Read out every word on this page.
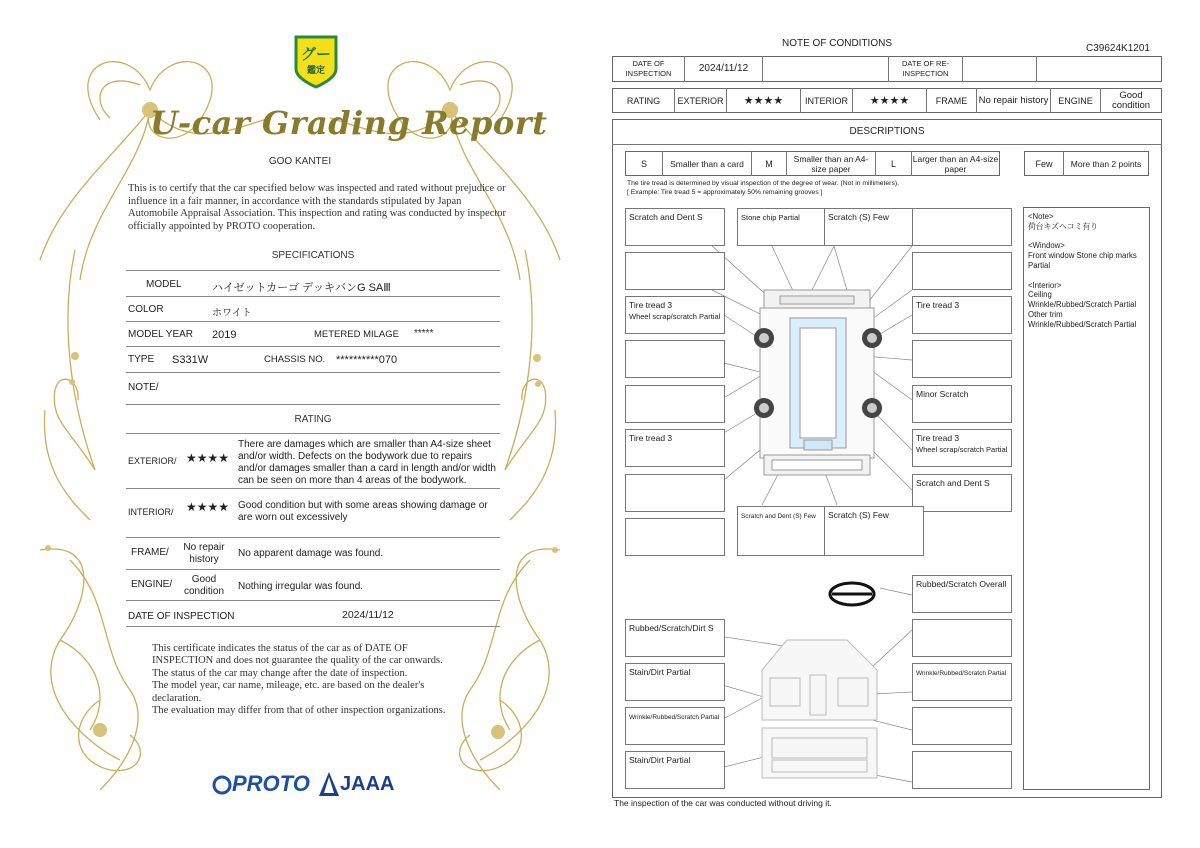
グー
鑑定
U-car Grading Report
GOO KANTEI
This is to certify that the car specified below was inspected and rated without prejudice or influence in a fair manner, in accordance with the standards stipulated by Japan Automobile Appraisal Association. This inspection and rating was conducted by inspector officially appointed by PROTO cooperation.
SPECIFICATIONS
MODEL	ハイゼットカーゴ デッキバンG SAⅢ
COLOR	ホワイト
MODEL YEAR 2019	METERED MILAGE *****
TYPE S331W	CHASSIS NO. **********070
NOTE/
RATING
EXTERIOR/ ★★★★
There are damages which are smaller than A4-size sheet and/or width. Defects on the bodywork due to repairs and/or damages smaller than a card in length and/or width can be seen on more than 4 areas of the bodywork.
INTERIOR/ ★★★★ Good condition but with some areas showing damage or are worn out excessively
FRAME/	No repair history
No apparent damage was found.
ENGINE/	Good condition	Nothing irregular was found.
DATE OF INSPECTION	2024/11/12
This certificate indicates the status of the car as of DATE OF
INSPECTION and does not guarantee the quality of the car onwards.
The status of the car may change after the date of inspection.
The model year, car name, mileage, etc. are based on the dealer's
declaration.
The evaluation may differ from that of other inspection organizations.
PROTO JAAA
NOTE OF CONDITIONS	C39624K1201
DATE OF INSPECTION	2024/11/12	DATE OF RE-INSPECTION
RATING	EXTERIOR	★★★★	INTERIOR	★★★★	FRAME	No repair history	ENGINE	Good condition
DESCRIPTIONS
S	Smaller than a card	M	Smaller than an A4-size paper	L	Larger than an A4-size paper	Few	More than 2 points
The tire tread is determined by visual inspection of the degree of wear. (Not in millimeters).
[ Example: Tire tread 5 = approximately 50% remaining grooves ]
<Note>
荷台キズヘコミ有り
<Window>
Front window Stone chip marks Partial
<Interior>
Ceiling
Wrinkle/Rubbed/Scratch Partial
Other trim
Wrinkle/Rubbed/Scratch Partial
Scratch and Dent S	Stone chip Partial	Scratch (S) Few
Tire tread 3
Wheel scrap/scratch Partial
Tire tread 3
Minor Scratch
Tire tread 3	Tire tread 3
Wheel scrap/scratch Partial
Scratch and Dent S
Scratch and Dent (S) Few	Scratch (S) Few
Rubbed/Scratch Overall
Rubbed/Scratch/Dirt S
Stain/Dirt Partial	Wrinkle/Rubbed/Scratch Partial
Wrinkle/Rubbed/Scratch Partial
Stain/Dirt Partial
The inspection of the car was conducted without driving it.
